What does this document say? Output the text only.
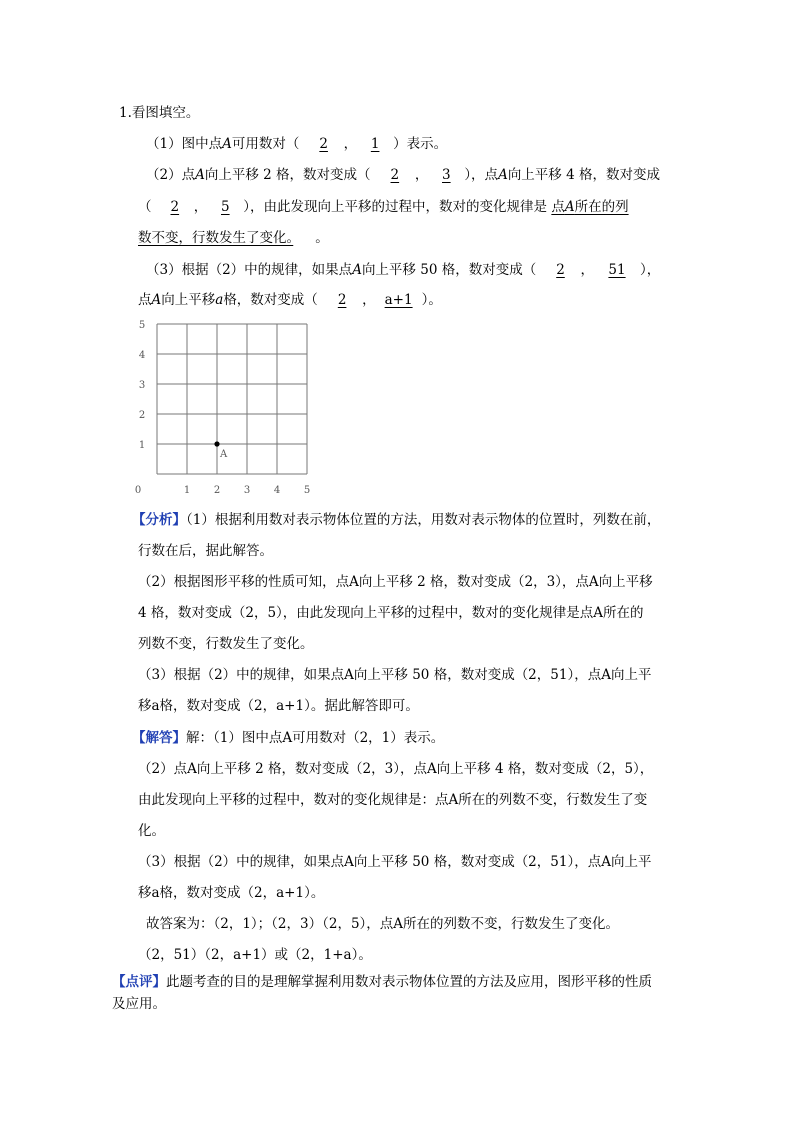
1.看图填空。
（1）图中点A可用数对（ 2 ， 1 ）表示。
（2）点A向上平移 2 格，数对变成（ 2 ， 3 ），点A向上平移 4 格，数对变成
（ 2 ， 5 ），由此发现向上平移的过程中，数对的变化规律是 点A所在的列
数不变，行数发生了变化。 。
（3）根据（2）中的规律，如果点A向上平移 50 格，数对变成（ 2 ， 51 ），
点A向上平移a格，数对变成（ 2 ， a+1 ）。
0	1 2 3 4 5
1
2
3
4
5
A
【分析】（1）根据利用数对表示物体位置的方法，用数对表示物体的位置时，列数在前，
行数在后，据此解答。
（2）根据图形平移的性质可知，点A向上平移 2 格，数对变成（2，3），点A向上平移
4 格，数对变成（2，5），由此发现向上平移的过程中，数对的变化规律是点A所在的
列数不变，行数发生了变化。
（3）根据（2）中的规律，如果点A向上平移 50 格，数对变成（2，51），点A向上平
移a格，数对变成（2，a+1）。据此解答即可。
【解答】解：（1）图中点A可用数对（2，1）表示。
（2）点A向上平移 2 格，数对变成（2，3），点A向上平移 4 格，数对变成（2，5），
由此发现向上平移的过程中，数对的变化规律是：点A所在的列数不变，行数发生了变
化。
（3）根据（2）中的规律，如果点A向上平移 50 格，数对变成（2，51），点A向上平
移a格，数对变成（2，a+1）。
故答案为：（2，1）；（2，3）（2，5），点A所在的列数不变，行数发生了变化。
（2，51）（2，a+1）或（2，1+a）。
【点评】此题考查的目的是理解掌握利用数对表示物体位置的方法及应用，图形平移的性质
及应用。
